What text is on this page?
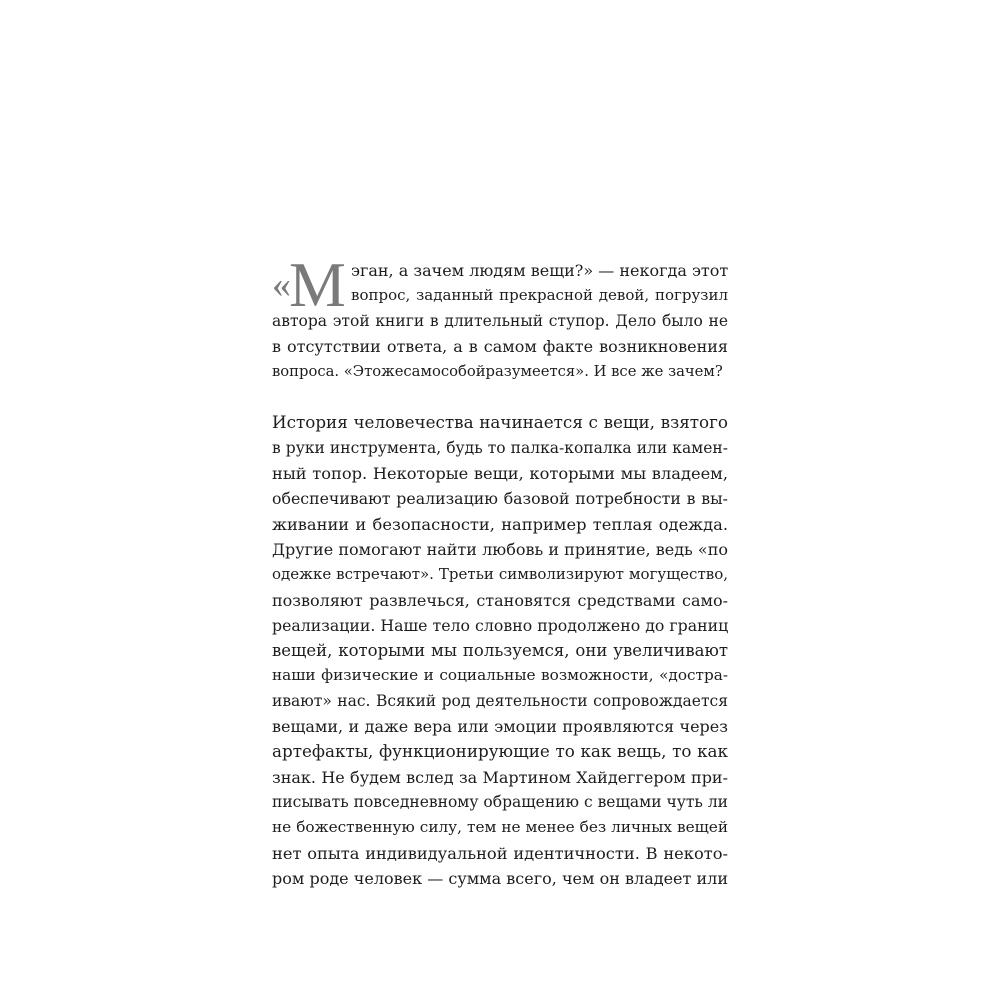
«
М эган, а зачем людям вещи?» — некогда этот
вопрос, заданный прекрасной девой, погрузил
автора этой книги в длительный ступор. Дело было не
в отсутствии ответа, а в самом факте возникновения
вопроса. «Этожесамособойразумеется». И все же зачем?
История человечества начинается с вещи, взятого
в руки инструмента, будь то палка-копалка или камен-
ный топор. Некоторые вещи, которыми мы владеем,
обеспечивают реализацию базовой потребности в вы-
живании и безопасности, например теплая одежда.
Другие помогают найти любовь и принятие, ведь «по
одежке встречают». Третьи символизируют могущество,
позволяют развлечься, становятся средствами само-
реализации. Наше тело словно продолжено до границ
вещей, которыми мы пользуемся, они увеличивают
наши физические и социальные возможности, «достра-
ивают» нас. Всякий род деятельности сопровождается
вещами, и даже вера или эмоции проявляются через
артефакты, функционирующие то как вещь, то как
знак. Не будем вслед за Мартином Хайдеггером при-
писывать повседневному обращению с вещами чуть ли
не божественную силу, тем не менее без личных вещей
нет опыта индивидуальной идентичности. В некото-
ром роде человек — сумма всего, чем он владеет или
